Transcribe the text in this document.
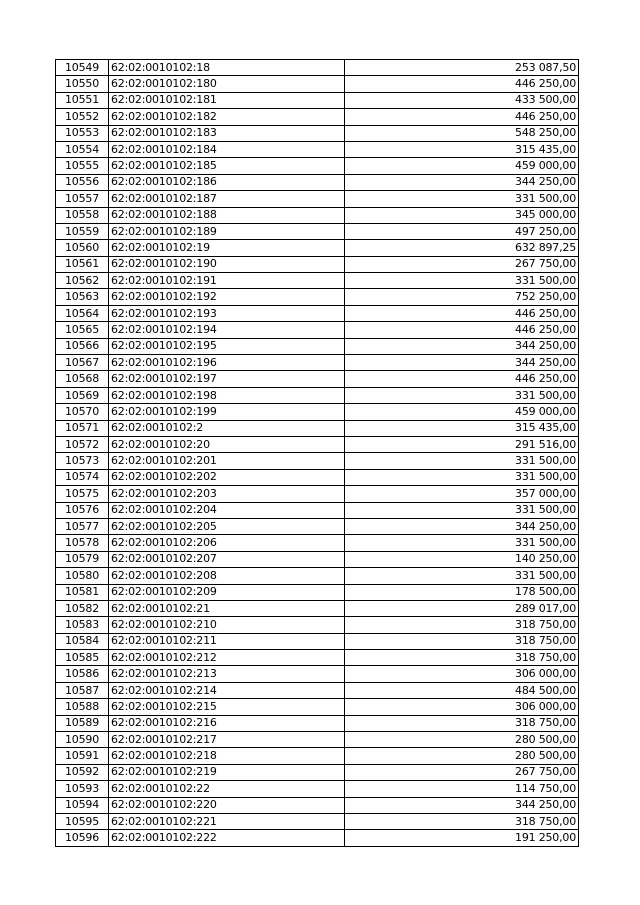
10549	62:02:0010102:18	253 087,50
10550	62:02:0010102:180	446 250,00
10551	62:02:0010102:181	433 500,00
10552	62:02:0010102:182	446 250,00
10553	62:02:0010102:183	548 250,00
10554	62:02:0010102:184	315 435,00
10555	62:02:0010102:185	459 000,00
10556	62:02:0010102:186	344 250,00
10557	62:02:0010102:187	331 500,00
10558	62:02:0010102:188	345 000,00
10559	62:02:0010102:189	497 250,00
10560	62:02:0010102:19	632 897,25
10561	62:02:0010102:190	267 750,00
10562	62:02:0010102:191	331 500,00
10563	62:02:0010102:192	752 250,00
10564	62:02:0010102:193	446 250,00
10565	62:02:0010102:194	446 250,00
10566	62:02:0010102:195	344 250,00
10567	62:02:0010102:196	344 250,00
10568	62:02:0010102:197	446 250,00
10569	62:02:0010102:198	331 500,00
10570	62:02:0010102:199	459 000,00
10571	62:02:0010102:2	315 435,00
10572	62:02:0010102:20	291 516,00
10573	62:02:0010102:201	331 500,00
10574	62:02:0010102:202	331 500,00
10575	62:02:0010102:203	357 000,00
10576	62:02:0010102:204	331 500,00
10577	62:02:0010102:205	344 250,00
10578	62:02:0010102:206	331 500,00
10579	62:02:0010102:207	140 250,00
10580	62:02:0010102:208	331 500,00
10581	62:02:0010102:209	178 500,00
10582	62:02:0010102:21	289 017,00
10583	62:02:0010102:210	318 750,00
10584	62:02:0010102:211	318 750,00
10585	62:02:0010102:212	318 750,00
10586	62:02:0010102:213	306 000,00
10587	62:02:0010102:214	484 500,00
10588	62:02:0010102:215	306 000,00
10589	62:02:0010102:216	318 750,00
10590	62:02:0010102:217	280 500,00
10591	62:02:0010102:218	280 500,00
10592	62:02:0010102:219	267 750,00
10593	62:02:0010102:22	114 750,00
10594	62:02:0010102:220	344 250,00
10595	62:02:0010102:221	318 750,00
10596	62:02:0010102:222	191 250,00
